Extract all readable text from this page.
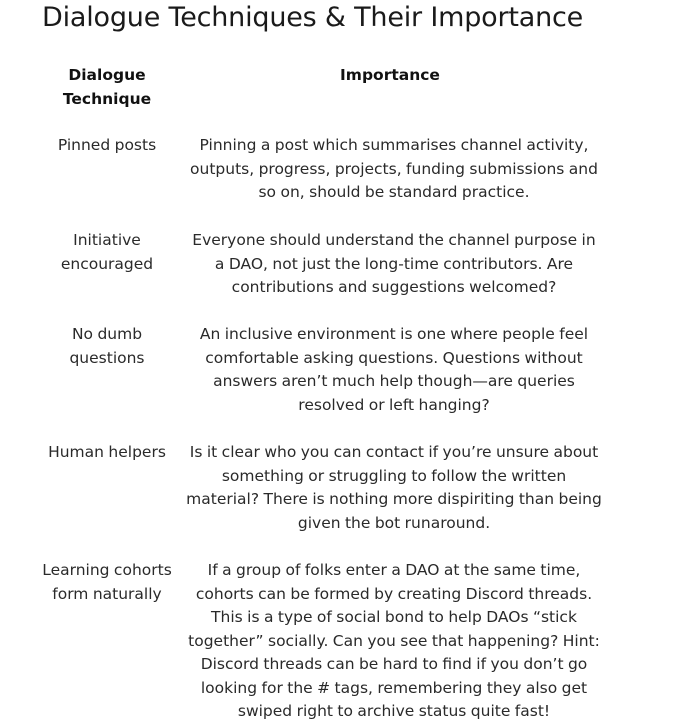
Dialogue Techniques & Their Importance
Dialogue
Technique
Importance
Pinned posts	Pinning a post which summarises channel activity,
outputs, progress, projects, funding submissions and
so on, should be standard practice.
Initiative
encouraged
Everyone should understand the channel purpose in
a DAO, not just the long-time contributors. Are
contributions and suggestions welcomed?
No dumb
questions
An inclusive environment is one where people feel
comfortable asking questions. Questions without
answers aren’t much help though—are queries
resolved or left hanging?
Human helpers	Is it clear who you can contact if you’re unsure about
something or struggling to follow the written
material? There is nothing more dispiriting than being
given the bot runaround.
Learning cohorts
form naturally
If a group of folks enter a DAO at the same time,
cohorts can be formed by creating Discord threads.
This is a type of social bond to help DAOs “stick
together” socially. Can you see that happening? Hint:
Discord threads can be hard to find if you don’t go
looking for the # tags, remembering they also get
swiped right to archive status quite fast!
